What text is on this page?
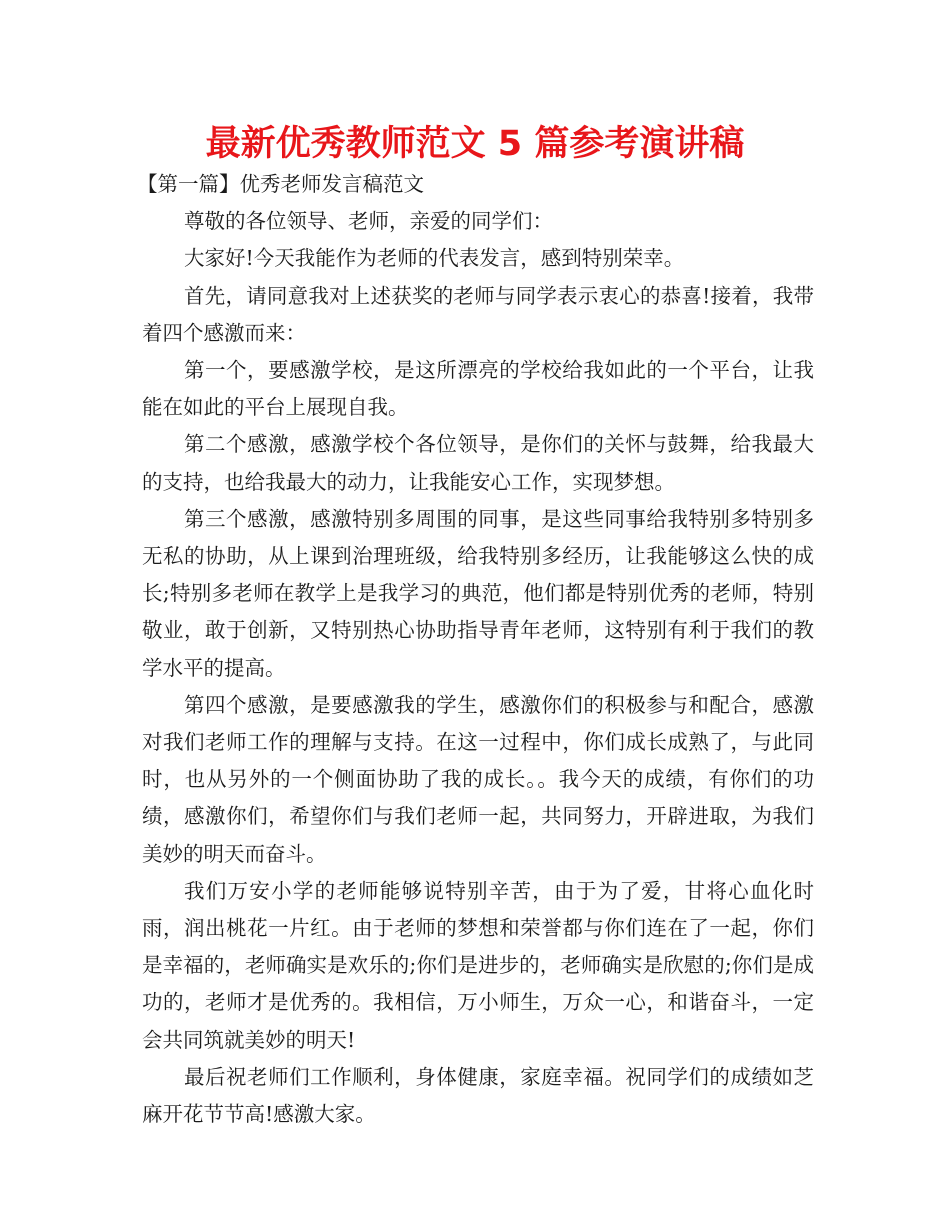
最新优秀教师范文 5 篇参考演讲稿

【第一篇】优秀老师发言稿范文

尊敬的各位领导、老师，亲爱的同学们：

大家好!今天我能作为老师的代表发言，感到特别荣幸。

首先，请同意我对上述获奖的老师与同学表示衷心的恭喜!接着，我带着四个感激而来：

第一个，要感激学校，是这所漂亮的学校给我如此的一个平台，让我能在如此的平台上展现自我。

第二个感激，感激学校个各位领导，是你们的关怀与鼓舞，给我最大的支持，也给我最大的动力，让我能安心工作，实现梦想。

第三个感激，感激特别多周围的同事，是这些同事给我特别多特别多无私的协助，从上课到治理班级，给我特别多经历，让我能够这么快的成长;特别多老师在教学上是我学习的典范，他们都是特别优秀的老师，特别敬业，敢于创新，又特别热心协助指导青年老师，这特别有利于我们的教学水平的提高。

第四个感激，是要感激我的学生，感激你们的积极参与和配合，感激对我们老师工作的理解与支持。在这一过程中，你们成长成熟了，与此同时，也从另外的一个侧面协助了我的成长。。我今天的成绩，有你们的功绩，感激你们，希望你们与我们老师一起，共同努力，开辟进取，为我们美妙的明天而奋斗。

我们万安小学的老师能够说特别辛苦，由于为了爱，甘将心血化时雨，润出桃花一片红。由于老师的梦想和荣誉都与你们连在了一起，你们是幸福的，老师确实是欢乐的;你们是进步的，老师确实是欣慰的;你们是成功的，老师才是优秀的。我相信，万小师生，万众一心，和谐奋斗，一定会共同筑就美妙的明天!

最后祝老师们工作顺利，身体健康，家庭幸福。祝同学们的成绩如芝麻开花节节高!感激大家。
